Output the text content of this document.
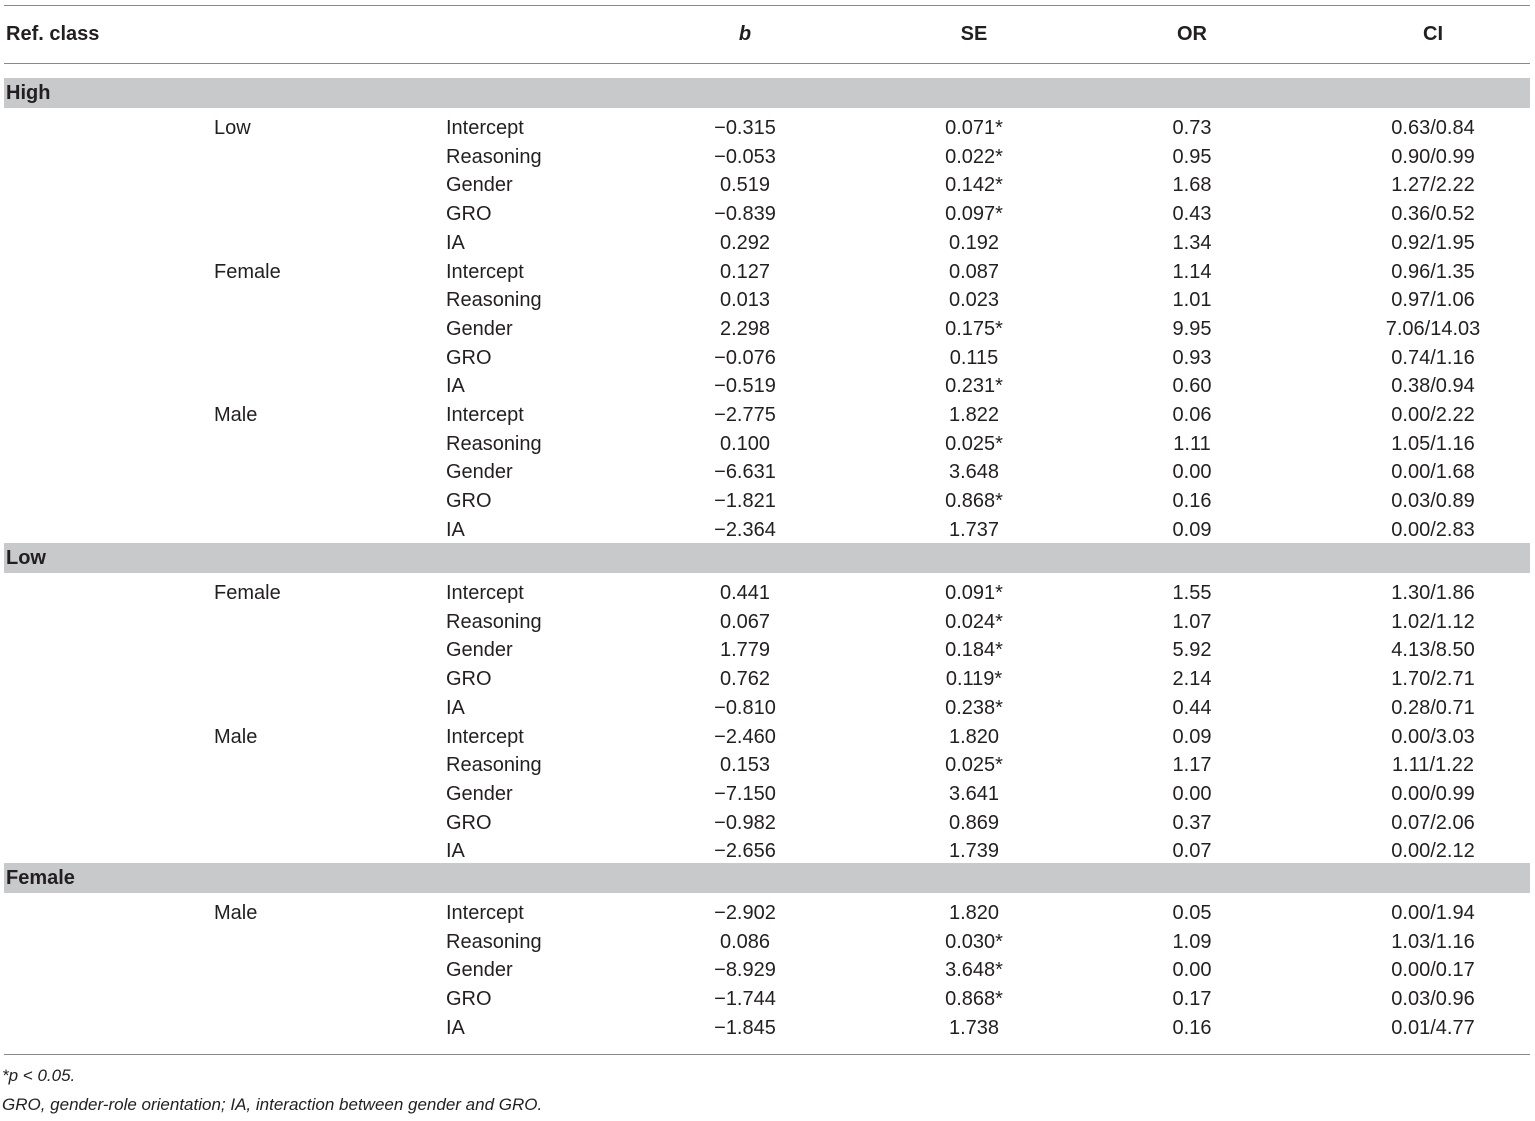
Ref. class	b	SE	OR	CI
High
Low	Intercept	−0.315	0.071*	0.73	0.63/0.84
Reasoning	−0.053	0.022*	0.95	0.90/0.99
Gender	0.519	0.142*	1.68	1.27/2.22
GRO	−0.839	0.097*	0.43	0.36/0.52
IA	0.292	0.192	1.34	0.92/1.95
Female	Intercept	0.127	0.087	1.14	0.96/1.35
Reasoning	0.013	0.023	1.01	0.97/1.06
Gender	2.298	0.175*	9.95	7.06/14.03
GRO	−0.076	0.115	0.93	0.74/1.16
IA	−0.519	0.231*	0.60	0.38/0.94
Male	Intercept	−2.775	1.822	0.06	0.00/2.22
Reasoning	0.100	0.025*	1.11	1.05/1.16
Gender	−6.631	3.648	0.00	0.00/1.68
GRO	−1.821	0.868*	0.16	0.03/0.89
IA	−2.364	1.737	0.09	0.00/2.83
Low
Female	Intercept	0.441	0.091*	1.55	1.30/1.86
Reasoning	0.067	0.024*	1.07	1.02/1.12
Gender	1.779	0.184*	5.92	4.13/8.50
GRO	0.762	0.119*	2.14	1.70/2.71
IA	−0.810	0.238*	0.44	0.28/0.71
Male	Intercept	−2.460	1.820	0.09	0.00/3.03
Reasoning	0.153	0.025*	1.17	1.11/1.22
Gender	−7.150	3.641	0.00	0.00/0.99
GRO	−0.982	0.869	0.37	0.07/2.06
IA	−2.656	1.739	0.07	0.00/2.12
Female
Male	Intercept	−2.902	1.820	0.05	0.00/1.94
Reasoning	0.086	0.030*	1.09	1.03/1.16
Gender	−8.929	3.648*	0.00	0.00/0.17
GRO	−1.744	0.868*	0.17	0.03/0.96
IA	−1.845	1.738	0.16	0.01/4.77
*p < 0.05.
GRO, gender-role orientation; IA, interaction between gender and GRO.
